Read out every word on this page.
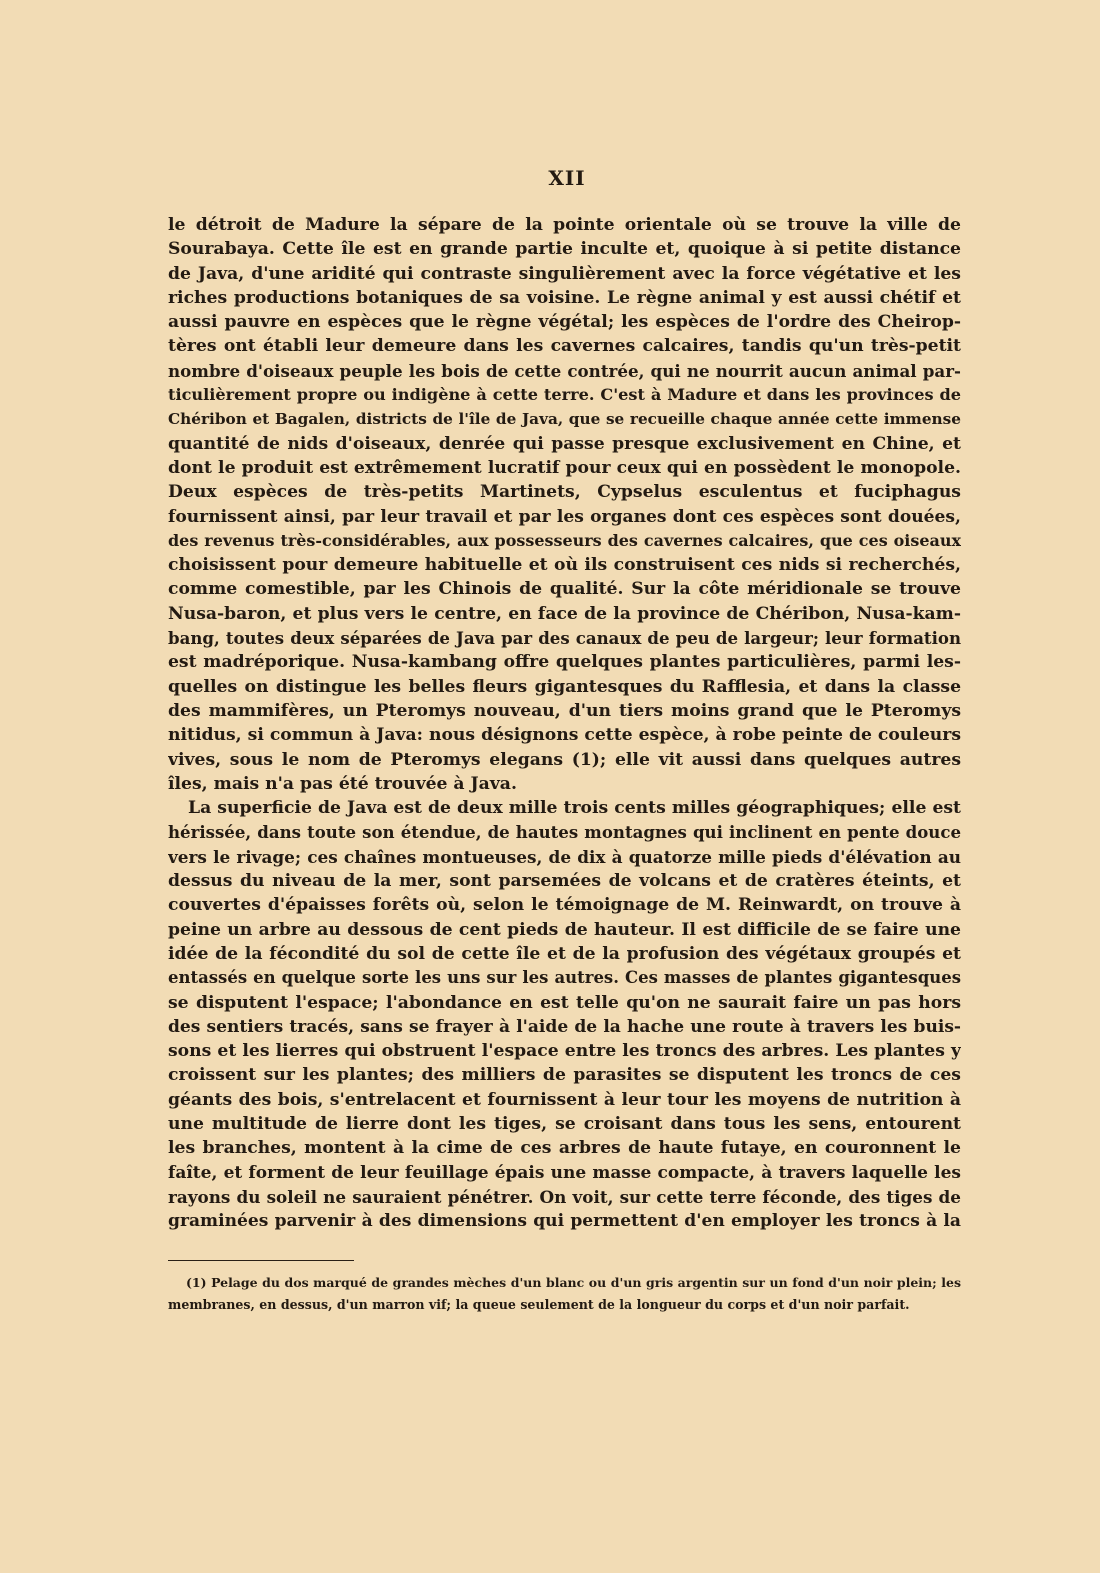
XII
le détroit de Madure la sépare de la pointe orientale où se trouve la ville de
Sourabaya. Cette île est en grande partie inculte et, quoique à si petite distance
de Java, d'une aridité qui contraste singulièrement avec la force végétative et les
riches productions botaniques de sa voisine. Le règne animal y est aussi chétif et
aussi pauvre en espèces que le règne végétal; les espèces de l'ordre des Cheirop-
tères ont établi leur demeure dans les cavernes calcaires, tandis qu'un très-petit
nombre d'oiseaux peuple les bois de cette contrée, qui ne nourrit aucun animal par-
ticulièrement propre ou indigène à cette terre. C'est à Madure et dans les provinces de
Chéribon et Bagalen, districts de l'île de Java, que se recueille chaque année cette immense
quantité de nids d'oiseaux, denrée qui passe presque exclusivement en Chine, et
dont le produit est extrêmement lucratif pour ceux qui en possèdent le monopole.
Deux espèces de très-petits Martinets, Cypselus esculentus et fuciphagus
fournissent ainsi, par leur travail et par les organes dont ces espèces sont douées,
des revenus très-considérables, aux possesseurs des cavernes calcaires, que ces oiseaux
choisissent pour demeure habituelle et où ils construisent ces nids si recherchés,
comme comestible, par les Chinois de qualité. Sur la côte méridionale se trouve
Nusa-baron, et plus vers le centre, en face de la province de Chéribon, Nusa-kam-
bang, toutes deux séparées de Java par des canaux de peu de largeur; leur formation
est madréporique. Nusa-kambang offre quelques plantes particulières, parmi les-
quelles on distingue les belles fleurs gigantesques du Rafflesia, et dans la classe
des mammifères, un Pteromys nouveau, d'un tiers moins grand que le Pteromys
nitidus, si commun à Java: nous désignons cette espèce, à robe peinte de couleurs
vives, sous le nom de Pteromys elegans (1); elle vit aussi dans quelques autres
îles, mais n'a pas été trouvée à Java.
La superficie de Java est de deux mille trois cents milles géographiques; elle est
hérissée, dans toute son étendue, de hautes montagnes qui inclinent en pente douce
vers le rivage; ces chaînes montueuses, de dix à quatorze mille pieds d'élévation au
dessus du niveau de la mer, sont parsemées de volcans et de cratères éteints, et
couvertes d'épaisses forêts où, selon le témoignage de M. Reinwardt, on trouve à
peine un arbre au dessous de cent pieds de hauteur. Il est difficile de se faire une
idée de la fécondité du sol de cette île et de la profusion des végétaux groupés et
entassés en quelque sorte les uns sur les autres. Ces masses de plantes gigantesques
se disputent l'espace; l'abondance en est telle qu'on ne saurait faire un pas hors
des sentiers tracés, sans se frayer à l'aide de la hache une route à travers les buis-
sons et les lierres qui obstruent l'espace entre les troncs des arbres. Les plantes y
croissent sur les plantes; des milliers de parasites se disputent les troncs de ces
géants des bois, s'entrelacent et fournissent à leur tour les moyens de nutrition à
une multitude de lierre dont les tiges, se croisant dans tous les sens, entourent
les branches, montent à la cime de ces arbres de haute futaye, en couronnent le
faîte, et forment de leur feuillage épais une masse compacte, à travers laquelle les
rayons du soleil ne sauraient pénétrer. On voit, sur cette terre féconde, des tiges de
graminées parvenir à des dimensions qui permettent d'en employer les troncs à la
(1) Pelage du dos marqué de grandes mèches d'un blanc ou d'un gris argentin sur un fond d'un noir plein; les
membranes, en dessus, d'un marron vif; la queue seulement de la longueur du corps et d'un noir parfait.
